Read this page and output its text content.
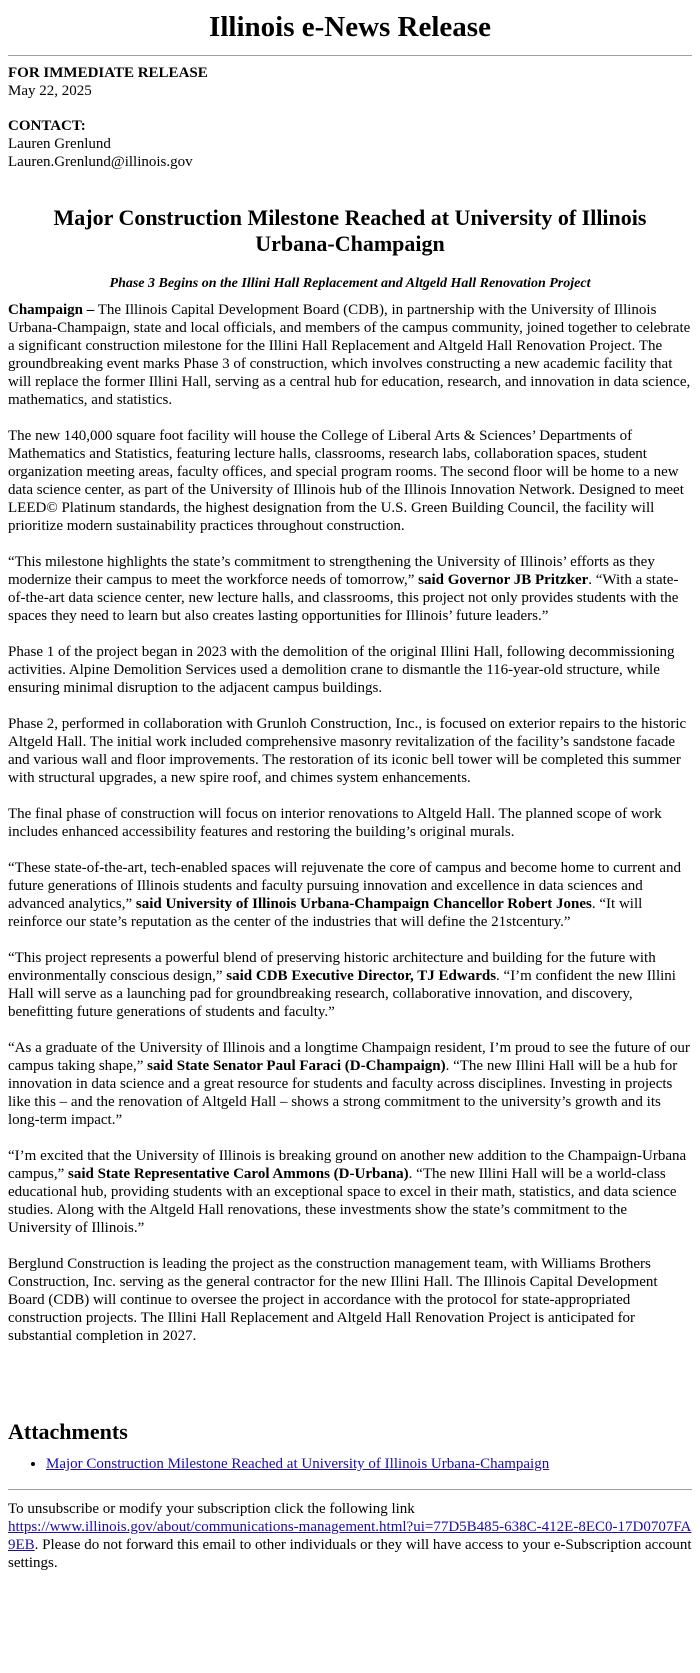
Illinois e-News Release
FOR IMMEDIATE RELEASE
May 22, 2025
CONTACT:
Lauren Grenlund
Lauren.Grenlund@illinois.gov
Major Construction Milestone Reached at University of Illinois Urbana-Champaign
Phase 3 Begins on the Illini Hall Replacement and Altgeld Hall Renovation Project

Champaign – The Illinois Capital Development Board (CDB), in partnership with the University of Illinois Urbana-Champaign, state and local officials, and members of the campus community, joined together to celebrate a significant construction milestone for the Illini Hall Replacement and Altgeld Hall Renovation Project. The groundbreaking event marks Phase 3 of construction, which involves constructing a new academic facility that will replace the former Illini Hall, serving as a central hub for education, research, and innovation in data science, mathematics, and statistics.

The new 140,000 square foot facility will house the College of Liberal Arts & Sciences’ Departments of Mathematics and Statistics, featuring lecture halls, classrooms, research labs, collaboration spaces, student organization meeting areas, faculty offices, and special program rooms. The second floor will be home to a new data science center, as part of the University of Illinois hub of the Illinois Innovation Network. Designed to meet LEED© Platinum standards, the highest designation from the U.S. Green Building Council, the facility will prioritize modern sustainability practices throughout construction.

“This milestone highlights the state’s commitment to strengthening the University of Illinois’ efforts as they modernize their campus to meet the workforce needs of tomorrow,” said Governor JB Pritzker. “With a state-of-the-art data science center, new lecture halls, and classrooms, this project not only provides students with the spaces they need to learn but also creates lasting opportunities for Illinois’ future leaders.”

Phase 1 of the project began in 2023 with the demolition of the original Illini Hall, following decommissioning activities. Alpine Demolition Services used a demolition crane to dismantle the 116-year-old structure, while ensuring minimal disruption to the adjacent campus buildings.

Phase 2, performed in collaboration with Grunloh Construction, Inc., is focused on exterior repairs to the historic Altgeld Hall. The initial work included comprehensive masonry revitalization of the facility’s sandstone facade and various wall and floor improvements. The restoration of its iconic bell tower will be completed this summer with structural upgrades, a new spire roof, and chimes system enhancements.

The final phase of construction will focus on interior renovations to Altgeld Hall. The planned scope of work includes enhanced accessibility features and restoring the building’s original murals.

“These state-of-the-art, tech-enabled spaces will rejuvenate the core of campus and become home to current and future generations of Illinois students and faculty pursuing innovation and excellence in data sciences and advanced analytics,” said University of Illinois Urbana-Champaign Chancellor Robert Jones. “It will reinforce our state’s reputation as the center of the industries that will define the 21stcentury.”

“This project represents a powerful blend of preserving historic architecture and building for the future with environmentally conscious design,” said CDB Executive Director, TJ Edwards. “I’m confident the new Illini Hall will serve as a launching pad for groundbreaking research, collaborative innovation, and discovery, benefitting future generations of students and faculty.”

“As a graduate of the University of Illinois and a longtime Champaign resident, I’m proud to see the future of our campus taking shape,” said State Senator Paul Faraci (D-Champaign). “The new Illini Hall will be a hub for innovation in data science and a great resource for students and faculty across disciplines. Investing in projects like this – and the renovation of Altgeld Hall – shows a strong commitment to the university’s growth and its long-term impact.”

“I’m excited that the University of Illinois is breaking ground on another new addition to the Champaign-Urbana campus,” said State Representative Carol Ammons (D-Urbana). “The new Illini Hall will be a world-class educational hub, providing students with an exceptional space to excel in their math, statistics, and data science studies. Along with the Altgeld Hall renovations, these investments show the state’s commitment to the University of Illinois.”

Berglund Construction is leading the project as the construction management team, with Williams Brothers Construction, Inc. serving as the general contractor for the new Illini Hall. The Illinois Capital Development Board (CDB) will continue to oversee the project in accordance with the protocol for state-appropriated construction projects. The Illini Hall Replacement and Altgeld Hall Renovation Project is anticipated for substantial completion in 2027.

Attachments
• Major Construction Milestone Reached at University of Illinois Urbana-Champaign

To unsubscribe or modify your subscription click the following link
https://www.illinois.gov/about/communications-management.html?ui=77D5B485-638C-412E-8EC0-17D0707FA9EB. Please do not forward this email to other individuals or they will have access to your e-Subscription account settings.
